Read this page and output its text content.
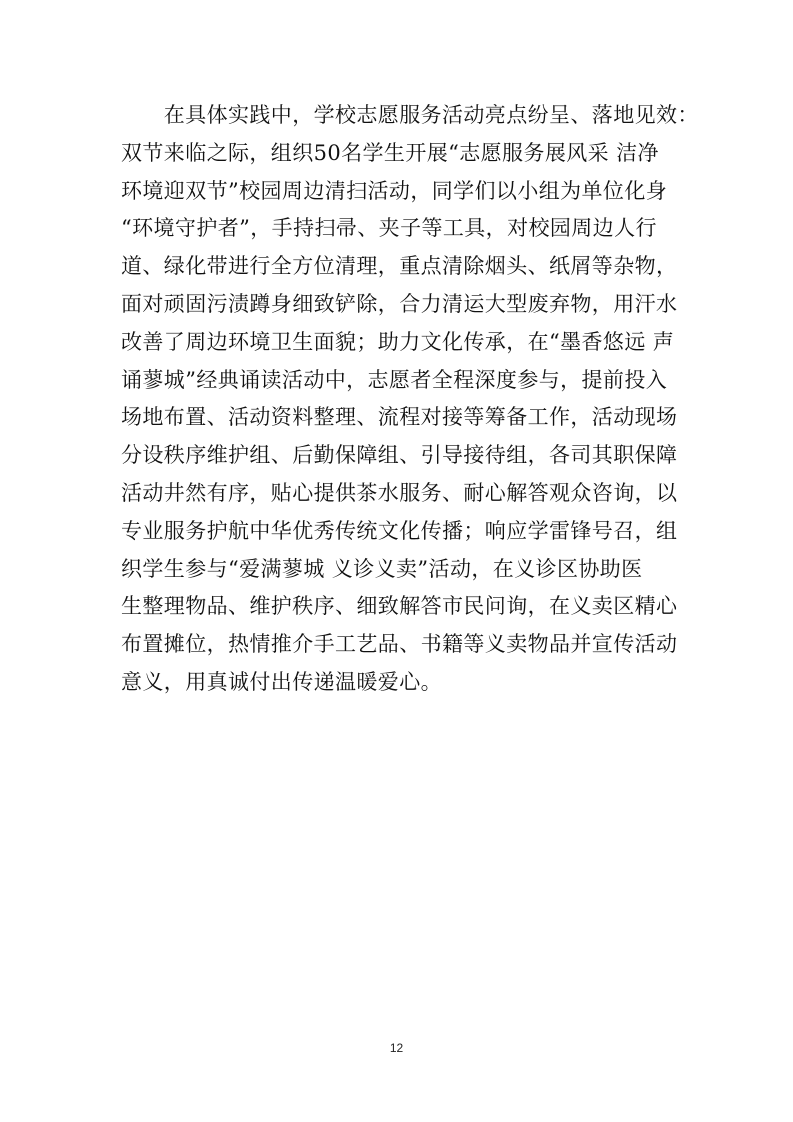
　　在具体实践中，学校志愿服务活动亮点纷呈、落地见效：
双节来临之际，组织50名学生开展“志愿服务展风采 洁净
环境迎双节”校园周边清扫活动，同学们以小组为单位化身
“环境守护者”，手持扫帚、夹子等工具，对校园周边人行
道、绿化带进行全方位清理，重点清除烟头、纸屑等杂物，
面对顽固污渍蹲身细致铲除，合力清运大型废弃物，用汗水
改善了周边环境卫生面貌；助力文化传承，在“墨香悠远 声
诵蓼城”经典诵读活动中，志愿者全程深度参与，提前投入
场地布置、活动资料整理、流程对接等筹备工作，活动现场
分设秩序维护组、后勤保障组、引导接待组，各司其职保障
活动井然有序，贴心提供茶水服务、耐心解答观众咨询，以
专业服务护航中华优秀传统文化传播；响应学雷锋号召，组
织学生参与“爱满蓼城 义诊义卖”活动，在义诊区协助医
生整理物品、维护秩序、细致解答市民问询，在义卖区精心
布置摊位，热情推介手工艺品、书籍等义卖物品并宣传活动
意义，用真诚付出传递温暖爱心。
12
